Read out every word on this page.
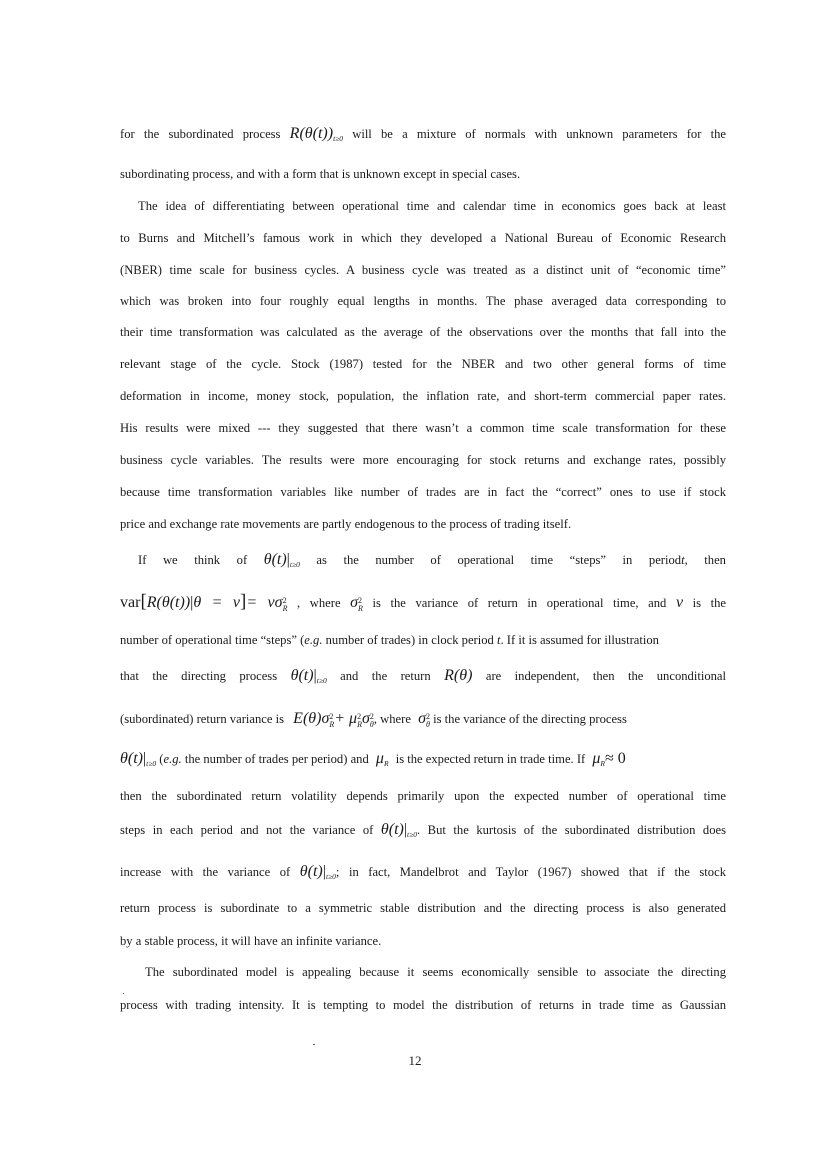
for the subordinated process $R(\theta(t))_{t\ge 0}$ will be a mixture of normals with unknown parameters for the
subordinating process, and with a form that is unknown except in special cases.
The idea of differentiating between operational time and calendar time in economics goes back at least
to Burns and Mitchell’s famous work in which they developed a National Bureau of Economic Research
(NBER) time scale for business cycles. A business cycle was treated as a distinct unit of “economic time”
which was broken into four roughly equal lengths in months. The phase averaged data corresponding to
their time transformation was calculated as the average of the observations over the months that fall into the
relevant stage of the cycle. Stock (1987) tested for the NBER and two other general forms of time
deformation in income, money stock, population, the inflation rate, and short-term commercial paper rates.
His results were mixed --- they suggested that there wasn’t a common time scale transformation for these
business cycle variables. The results were more encouraging for stock returns and exchange rates, possibly
because time transformation variables like number of trades are in fact the “correct” ones to use if stock
price and exchange rate movements are partly endogenous to the process of trading itself.
If we think of $\theta(t)|_{t\ge 0}$ as the number of operational time “steps” in periodt, then
var[R(θ(t))|θ = ν]= νσ 2
R , where σ 2
R is the variance of return in operational time, and ν is the
number of operational time “steps” (e.g. number of trades) in clock period t. If it is assumed for illustration
that the directing process $\theta(t)|_{t\ge 0}$ and the return R(θ) are independent, then the unconditional
(subordinated) return variance is E(θ)σ 2
R + μ 2
R σ 2
θ , where σ 2
θ is the variance of the directing process
$\theta(t)|_{t\ge 0}$ (e.g. the number of trades per period) and $\mu_R$ is the expected return in trade time. If $\mu_R\approx 0$
then the subordinated return volatility depends primarily upon the expected number of operational time
steps in each period and not the variance of $\theta(t)|_{t\ge 0}$. But the kurtosis of the subordinated distribution does
increase with the variance of $\theta(t)|_{t\ge 0}$; in fact, Mandelbrot and Taylor (1967) showed that if the stock
return process is subordinate to a symmetric stable distribution and the directing process is also generated
by a stable process, it will have an infinite variance.
The subordinated model is appealing because it seems economically sensible to associate the directing
process with trading intensity. It is tempting to model the distribution of returns in trade time as Gaussian
12
